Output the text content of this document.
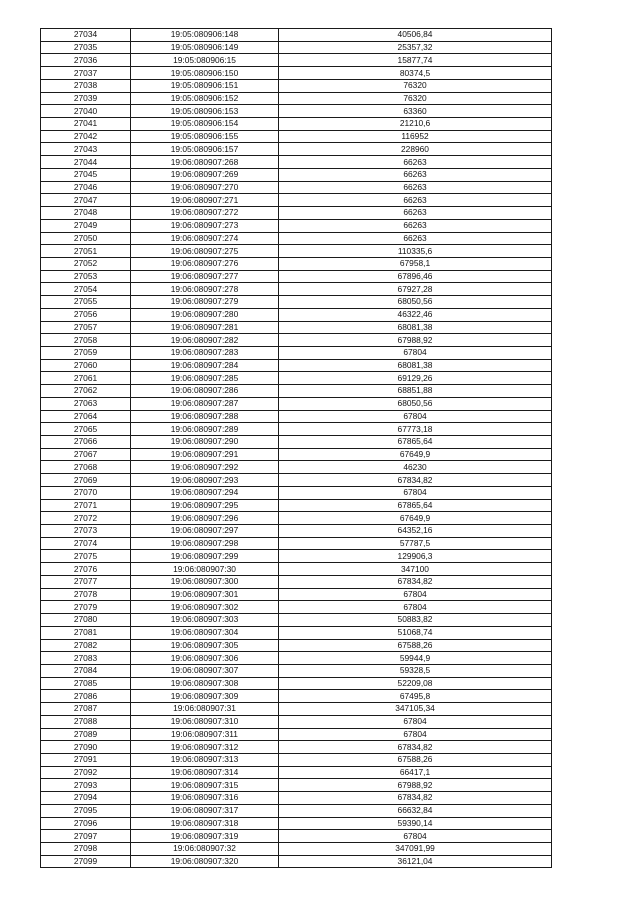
27034	19:05:080906:148	40506,84
27035	19:05:080906:149	25357,32
27036	19:05:080906:15	15877,74
27037	19:05:080906:150	80374,5
27038	19:05:080906:151	76320
27039	19:05:080906:152	76320
27040	19:05:080906:153	63360
27041	19:05:080906:154	21210,6
27042	19:05:080906:155	116952
27043	19:05:080906:157	228960
27044	19:06:080907:268	66263
27045	19:06:080907:269	66263
27046	19:06:080907:270	66263
27047	19:06:080907:271	66263
27048	19:06:080907:272	66263
27049	19:06:080907:273	66263
27050	19:06:080907:274	66263
27051	19:06:080907:275	110335,6
27052	19:06:080907:276	67958,1
27053	19:06:080907:277	67896,46
27054	19:06:080907:278	67927,28
27055	19:06:080907:279	68050,56
27056	19:06:080907:280	46322,46
27057	19:06:080907:281	68081,38
27058	19:06:080907:282	67988,92
27059	19:06:080907:283	67804
27060	19:06:080907:284	68081,38
27061	19:06:080907:285	69129,26
27062	19:06:080907:286	68851,88
27063	19:06:080907:287	68050,56
27064	19:06:080907:288	67804
27065	19:06:080907:289	67773,18
27066	19:06:080907:290	67865,64
27067	19:06:080907:291	67649,9
27068	19:06:080907:292	46230
27069	19:06:080907:293	67834,82
27070	19:06:080907:294	67804
27071	19:06:080907:295	67865,64
27072	19:06:080907:296	67649,9
27073	19:06:080907:297	64352,16
27074	19:06:080907:298	57787,5
27075	19:06:080907:299	129906,3
27076	19:06:080907:30	347100
27077	19:06:080907:300	67834,82
27078	19:06:080907:301	67804
27079	19:06:080907:302	67804
27080	19:06:080907:303	50883,82
27081	19:06:080907:304	51068,74
27082	19:06:080907:305	67588,26
27083	19:06:080907:306	59944,9
27084	19:06:080907:307	59328,5
27085	19:06:080907:308	52209,08
27086	19:06:080907:309	67495,8
27087	19:06:080907:31	347105,34
27088	19:06:080907:310	67804
27089	19:06:080907:311	67804
27090	19:06:080907:312	67834,82
27091	19:06:080907:313	67588,26
27092	19:06:080907:314	66417,1
27093	19:06:080907:315	67988,92
27094	19:06:080907:316	67834,82
27095	19:06:080907:317	66632,84
27096	19:06:080907:318	59390,14
27097	19:06:080907:319	67804
27098	19:06:080907:32	347091,99
27099	19:06:080907:320	36121,04
